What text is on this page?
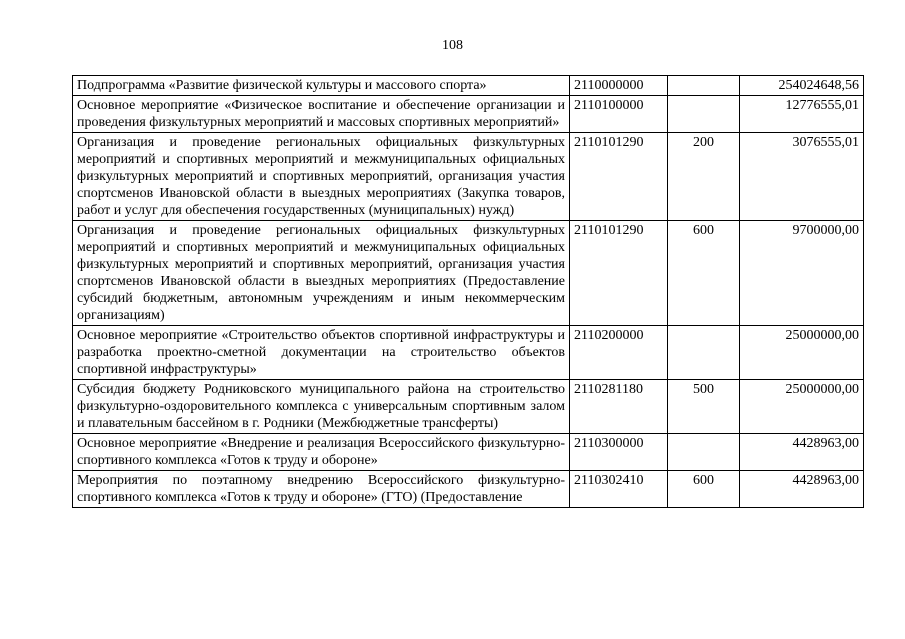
108
Подпрограмма «Развитие физической культуры и массового спорта»	2110000000		254024648,56
Основное мероприятие «Физическое воспитание и обеспечение организации и проведения физкультурных мероприятий и массовых спортивных мероприятий»	2110100000		12776555,01
Организация и проведение региональных официальных физкультурных мероприятий и спортивных мероприятий и межмуниципальных официальных физкультурных мероприятий и спортивных мероприятий, организация участия спортсменов Ивановской области в выездных мероприятиях (Закупка товаров, работ и услуг для обеспечения государственных (муниципальных) нужд)	2110101290	200	3076555,01
Организация и проведение региональных официальных физкультурных мероприятий и спортивных мероприятий и межмуниципальных официальных физкультурных мероприятий и спортивных мероприятий, организация участия спортсменов Ивановской области в выездных мероприятиях (Предоставление субсидий бюджетным, автономным учреждениям и иным некоммерческим организациям)	2110101290	600	9700000,00
Основное мероприятие «Строительство объектов спортивной инфраструктуры и разработка проектно-сметной документации на строительство объектов спортивной инфраструктуры»	2110200000		25000000,00
Субсидия бюджету Родниковского муниципального района на строительство физкультурно-оздоровительного комплекса с универсальным спортивным залом и плавательным бассейном в г. Родники (Межбюджетные трансферты)	2110281180	500	25000000,00
Основное мероприятие «Внедрение и реализация Всероссийского физкультурно-спортивного комплекса «Готов к труду и обороне»	2110300000		4428963,00

Мероприятия по поэтапному внедрению Всероссийского физкультурно-спортивного комплекса «Готов к труду и обороне» (ГТО) (Предоставление	2110302410	600	4428963,00
